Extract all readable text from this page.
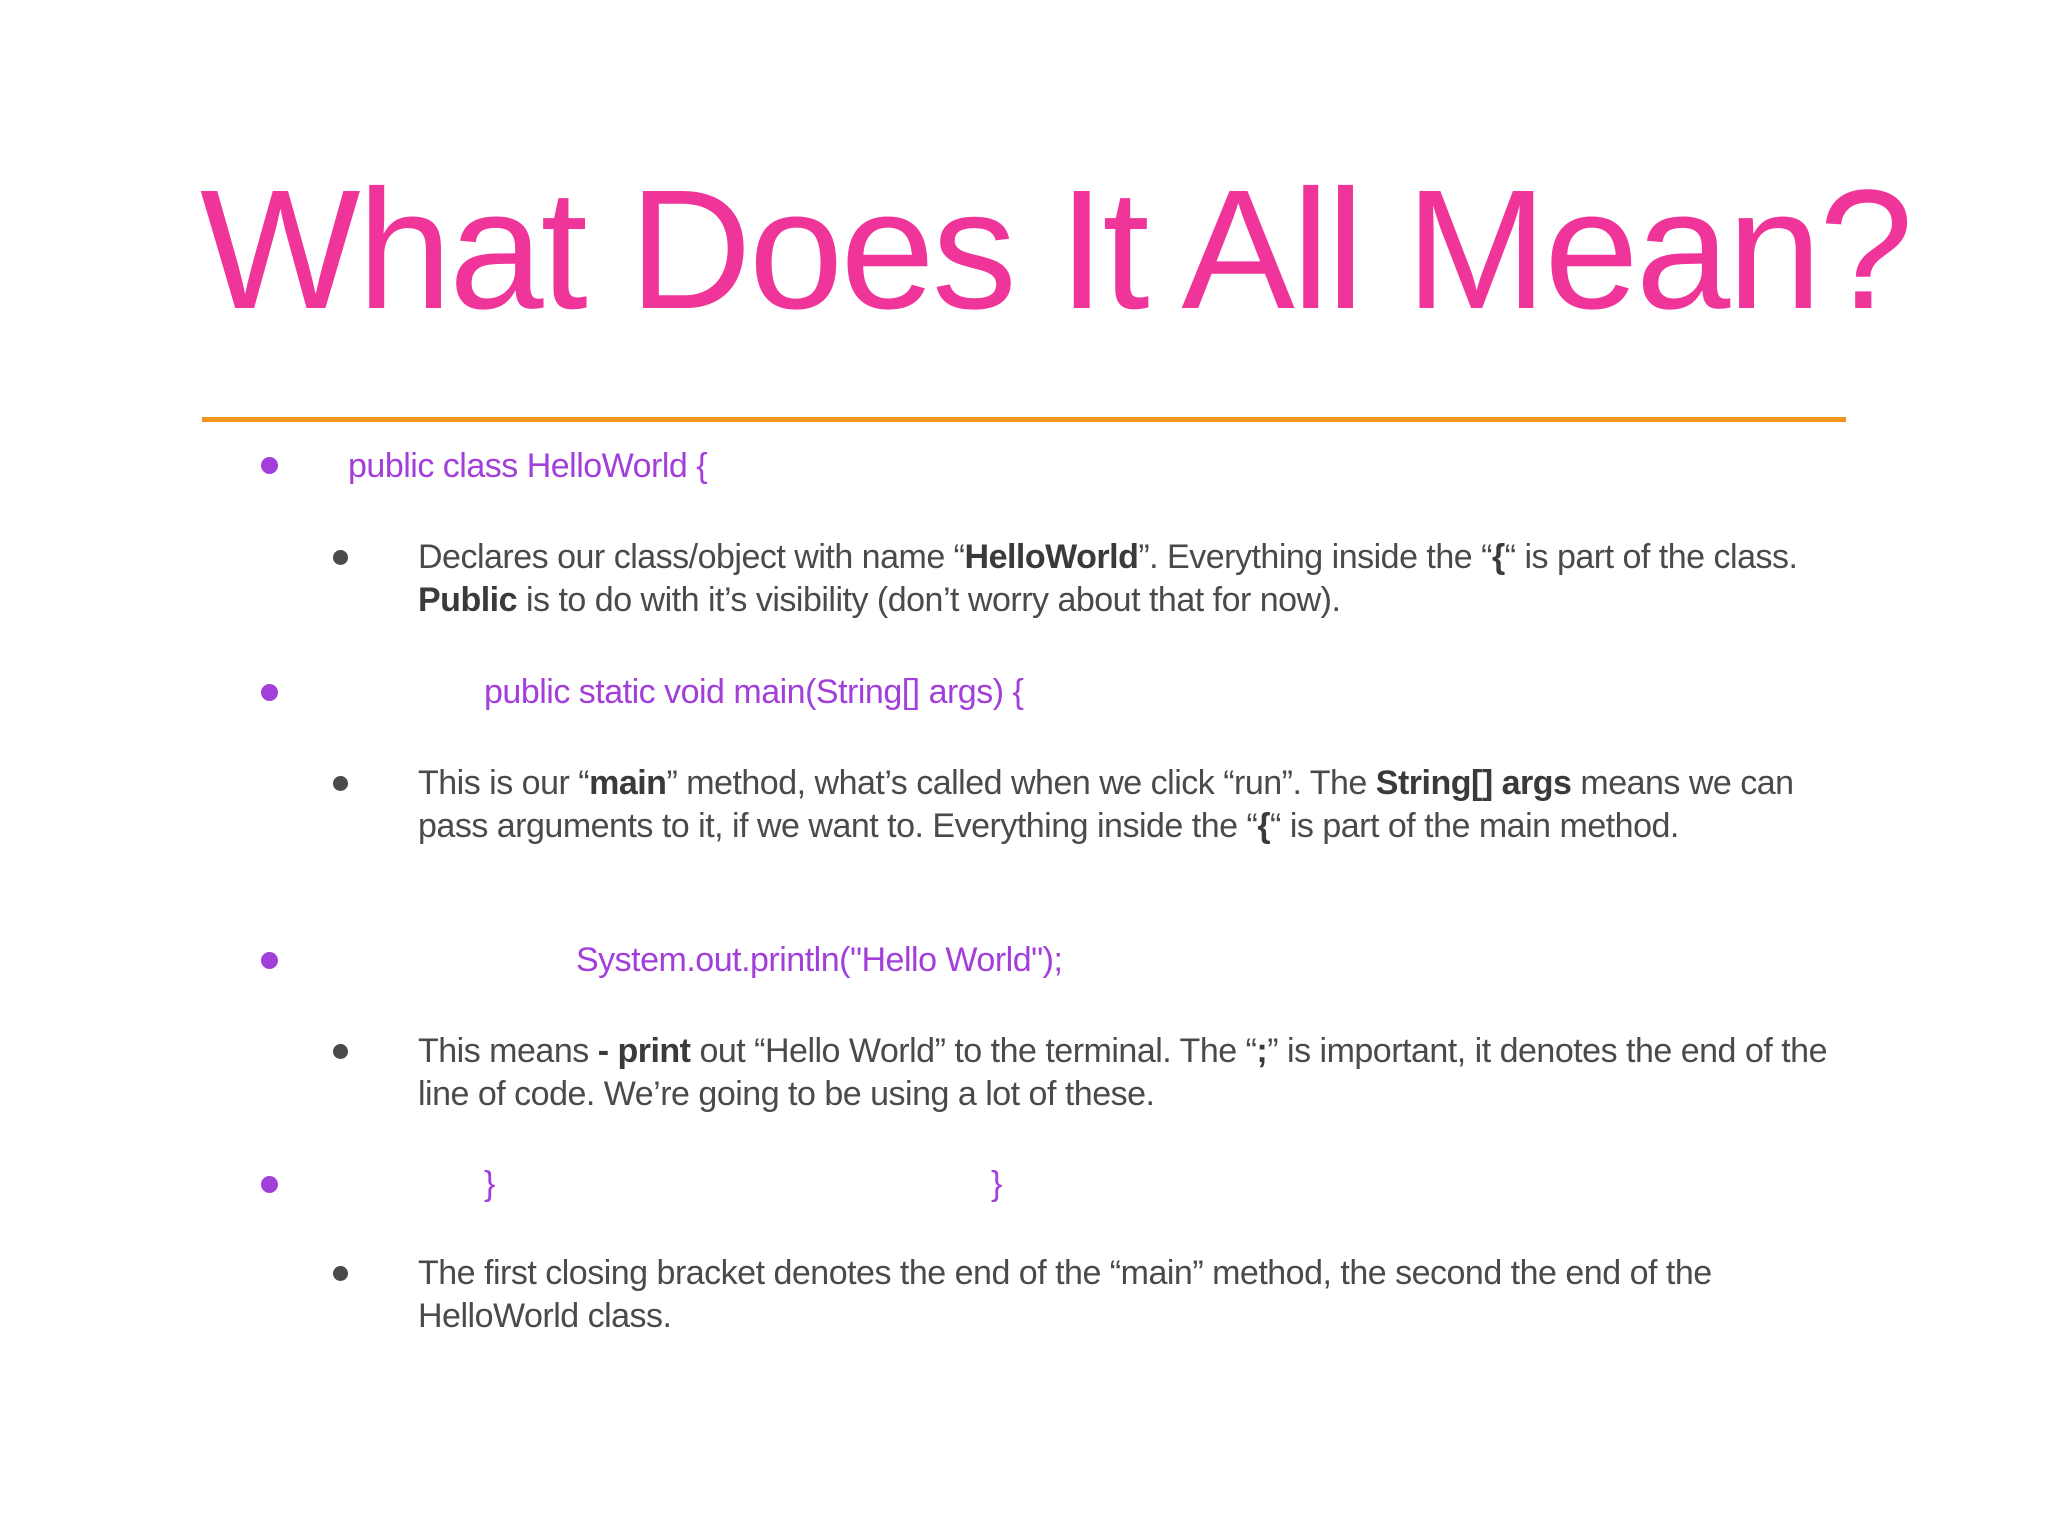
What Does It All Mean?
public class HelloWorld {
Declares our class/object with name “HelloWorld”. Everything inside the “{“ is part of the class. Public is to do with it’s visibility (don’t worry about that for now).
public static void main(String[] args) {
This is our “main” method, what’s called when we click “run”. The String[] args means we can pass arguments to it, if we want to. Everything inside the “{“ is part of the main method.
System.out.println("Hello World");
This means - print out “Hello World” to the terminal. The “;” is important, it denotes the end of the line of code. We’re going to be using a lot of these.
}	}
The first closing bracket denotes the end of the “main” method, the second the end of the HelloWorld class.
